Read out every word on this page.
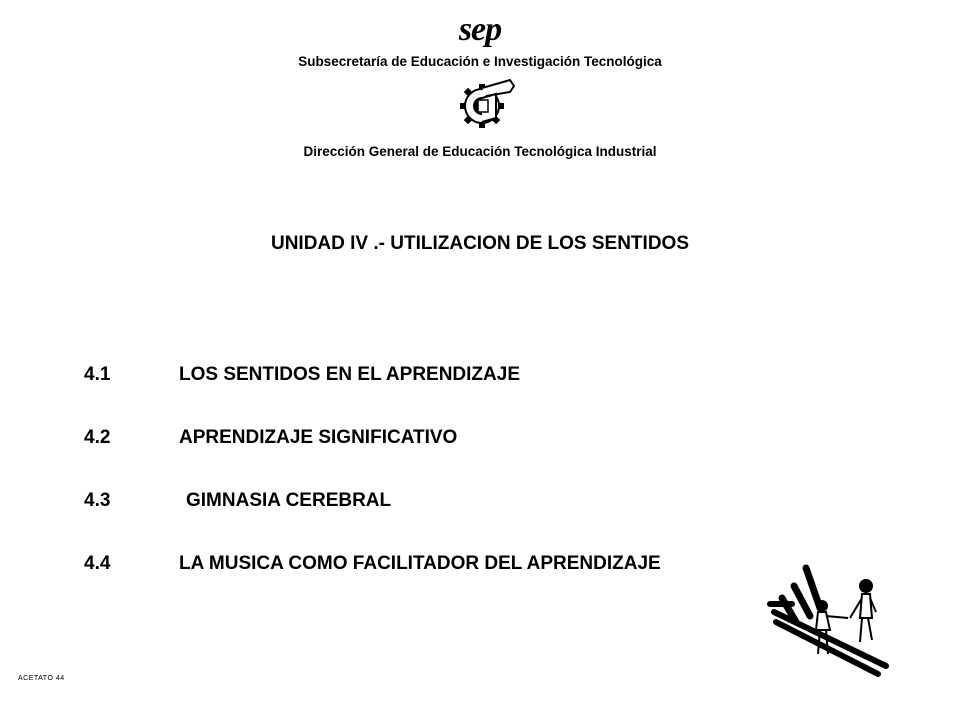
sep
Subsecretaría de Educación e Investigación Tecnológica
Dirección General de Educación Tecnológica Industrial
UNIDAD IV .- UTILIZACION DE LOS SENTIDOS
4.1	LOS SENTIDOS EN EL APRENDIZAJE
4.2	APRENDIZAJE SIGNIFICATIVO
4.3	GIMNASIA CEREBRAL
4.4	LA MUSICA COMO FACILITADOR DEL APRENDIZAJE
ACETATO 44
